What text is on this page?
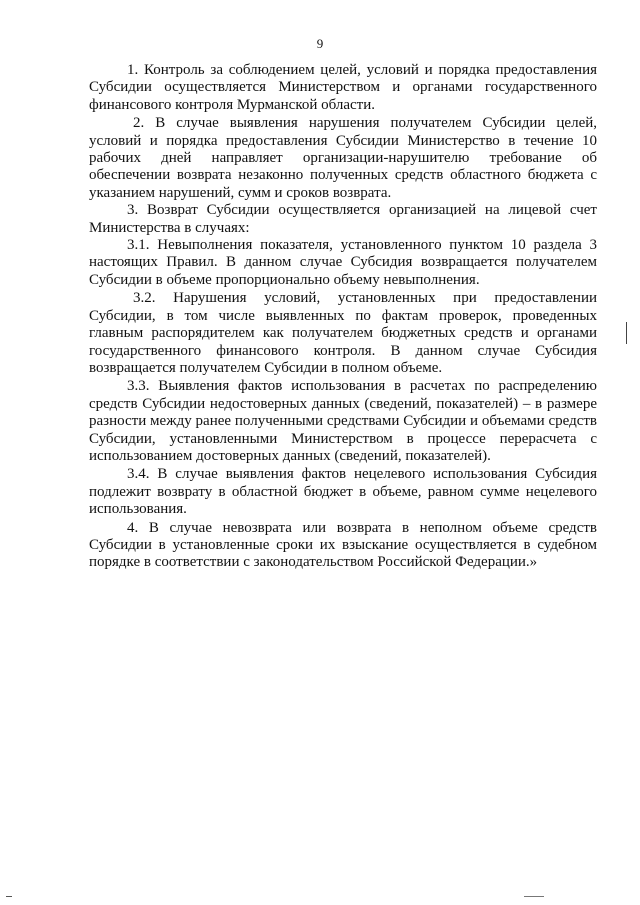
9

1. Контроль за соблюдением целей, условий и порядка предоставления Субсидии осуществляется Министерством и органами государственного финансового контроля Мурманской области.

2. В случае выявления нарушения получателем Субсидии целей, условий и порядка предоставления Субсидии Министерство в течение 10 рабочих дней направляет организации-нарушителю требование об обеспечении возврата незаконно полученных средств областного бюджета с указанием нарушений, сумм и сроков возврата.

3. Возврат Субсидии осуществляется организацией на лицевой счет Министерства в случаях:

3.1. Невыполнения показателя, установленного пунктом 10 раздела 3 настоящих Правил. В данном случае Субсидия возвращается получателем Субсидии в объеме пропорционально объему невыполнения.

3.2. Нарушения условий, установленных при предоставлении Субсидии, в том числе выявленных по фактам проверок, проведенных главным распорядителем как получателем бюджетных средств и органами государственного финансового контроля. В данном случае Субсидия возвращается получателем Субсидии в полном объеме.

3.3. Выявления фактов использования в расчетах по распределению средств Субсидии недостоверных данных (сведений, показателей) – в размере разности между ранее полученными средствами Субсидии и объемами средств Субсидии, установленными Министерством в процессе перерасчета с использованием достоверных данных (сведений, показателей).

3.4. В случае выявления фактов нецелевого использования Субсидия подлежит возврату в областной бюджет в объеме, равном сумме нецелевого использования.

4. В случае невозврата или возврата в неполном объеме средств Субсидии в установленные сроки их взыскание осуществляется в судебном порядке в соответствии с законодательством Российской Федерации.»
